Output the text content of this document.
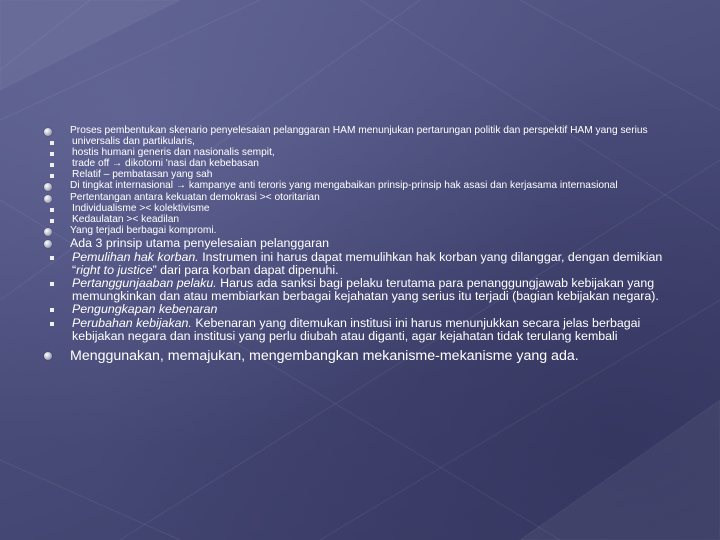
Proses pembentukan skenario penyelesaian pelanggaran HAM menunjukan pertarungan politik dan perspektif HAM yang serius
universalis dan partikularis,
hostis humani generis dan nasionalis sempit,
trade off → dikotomi 'nasi dan kebebasan
Relatif – pembatasan yang sah
Di tingkat internasional → kampanye anti teroris yang mengabaikan prinsip-prinsip hak asasi dan kerjasama internasional
Pertentangan antara kekuatan demokrasi >< otoritarian
Individualisme >< kolektivisme
Kedaulatan >< keadilan
Yang terjadi berbagai kompromi.
Ada 3 prinsip utama penyelesaian pelanggaran
Pemulihan hak korban. Instrumen ini harus dapat memulihkan hak korban yang dilanggar, dengan demikian “right to justice” dari para korban dapat dipenuhi.
Pertanggunjaaban pelaku. Harus ada sanksi bagi pelaku terutama para penanggungjawab kebijakan yang memungkinkan dan atau membiarkan berbagai kejahatan yang serius itu terjadi (bagian kebijakan negara).
Pengungkapan kebenaran
Perubahan kebijakan. Kebenaran yang ditemukan institusi ini harus menunjukkan secara jelas berbagai kebijakan negara dan institusi yang perlu diubah atau diganti, agar kejahatan tidak terulang kembali
Menggunakan, memajukan, mengembangkan mekanisme-mekanisme yang ada.
